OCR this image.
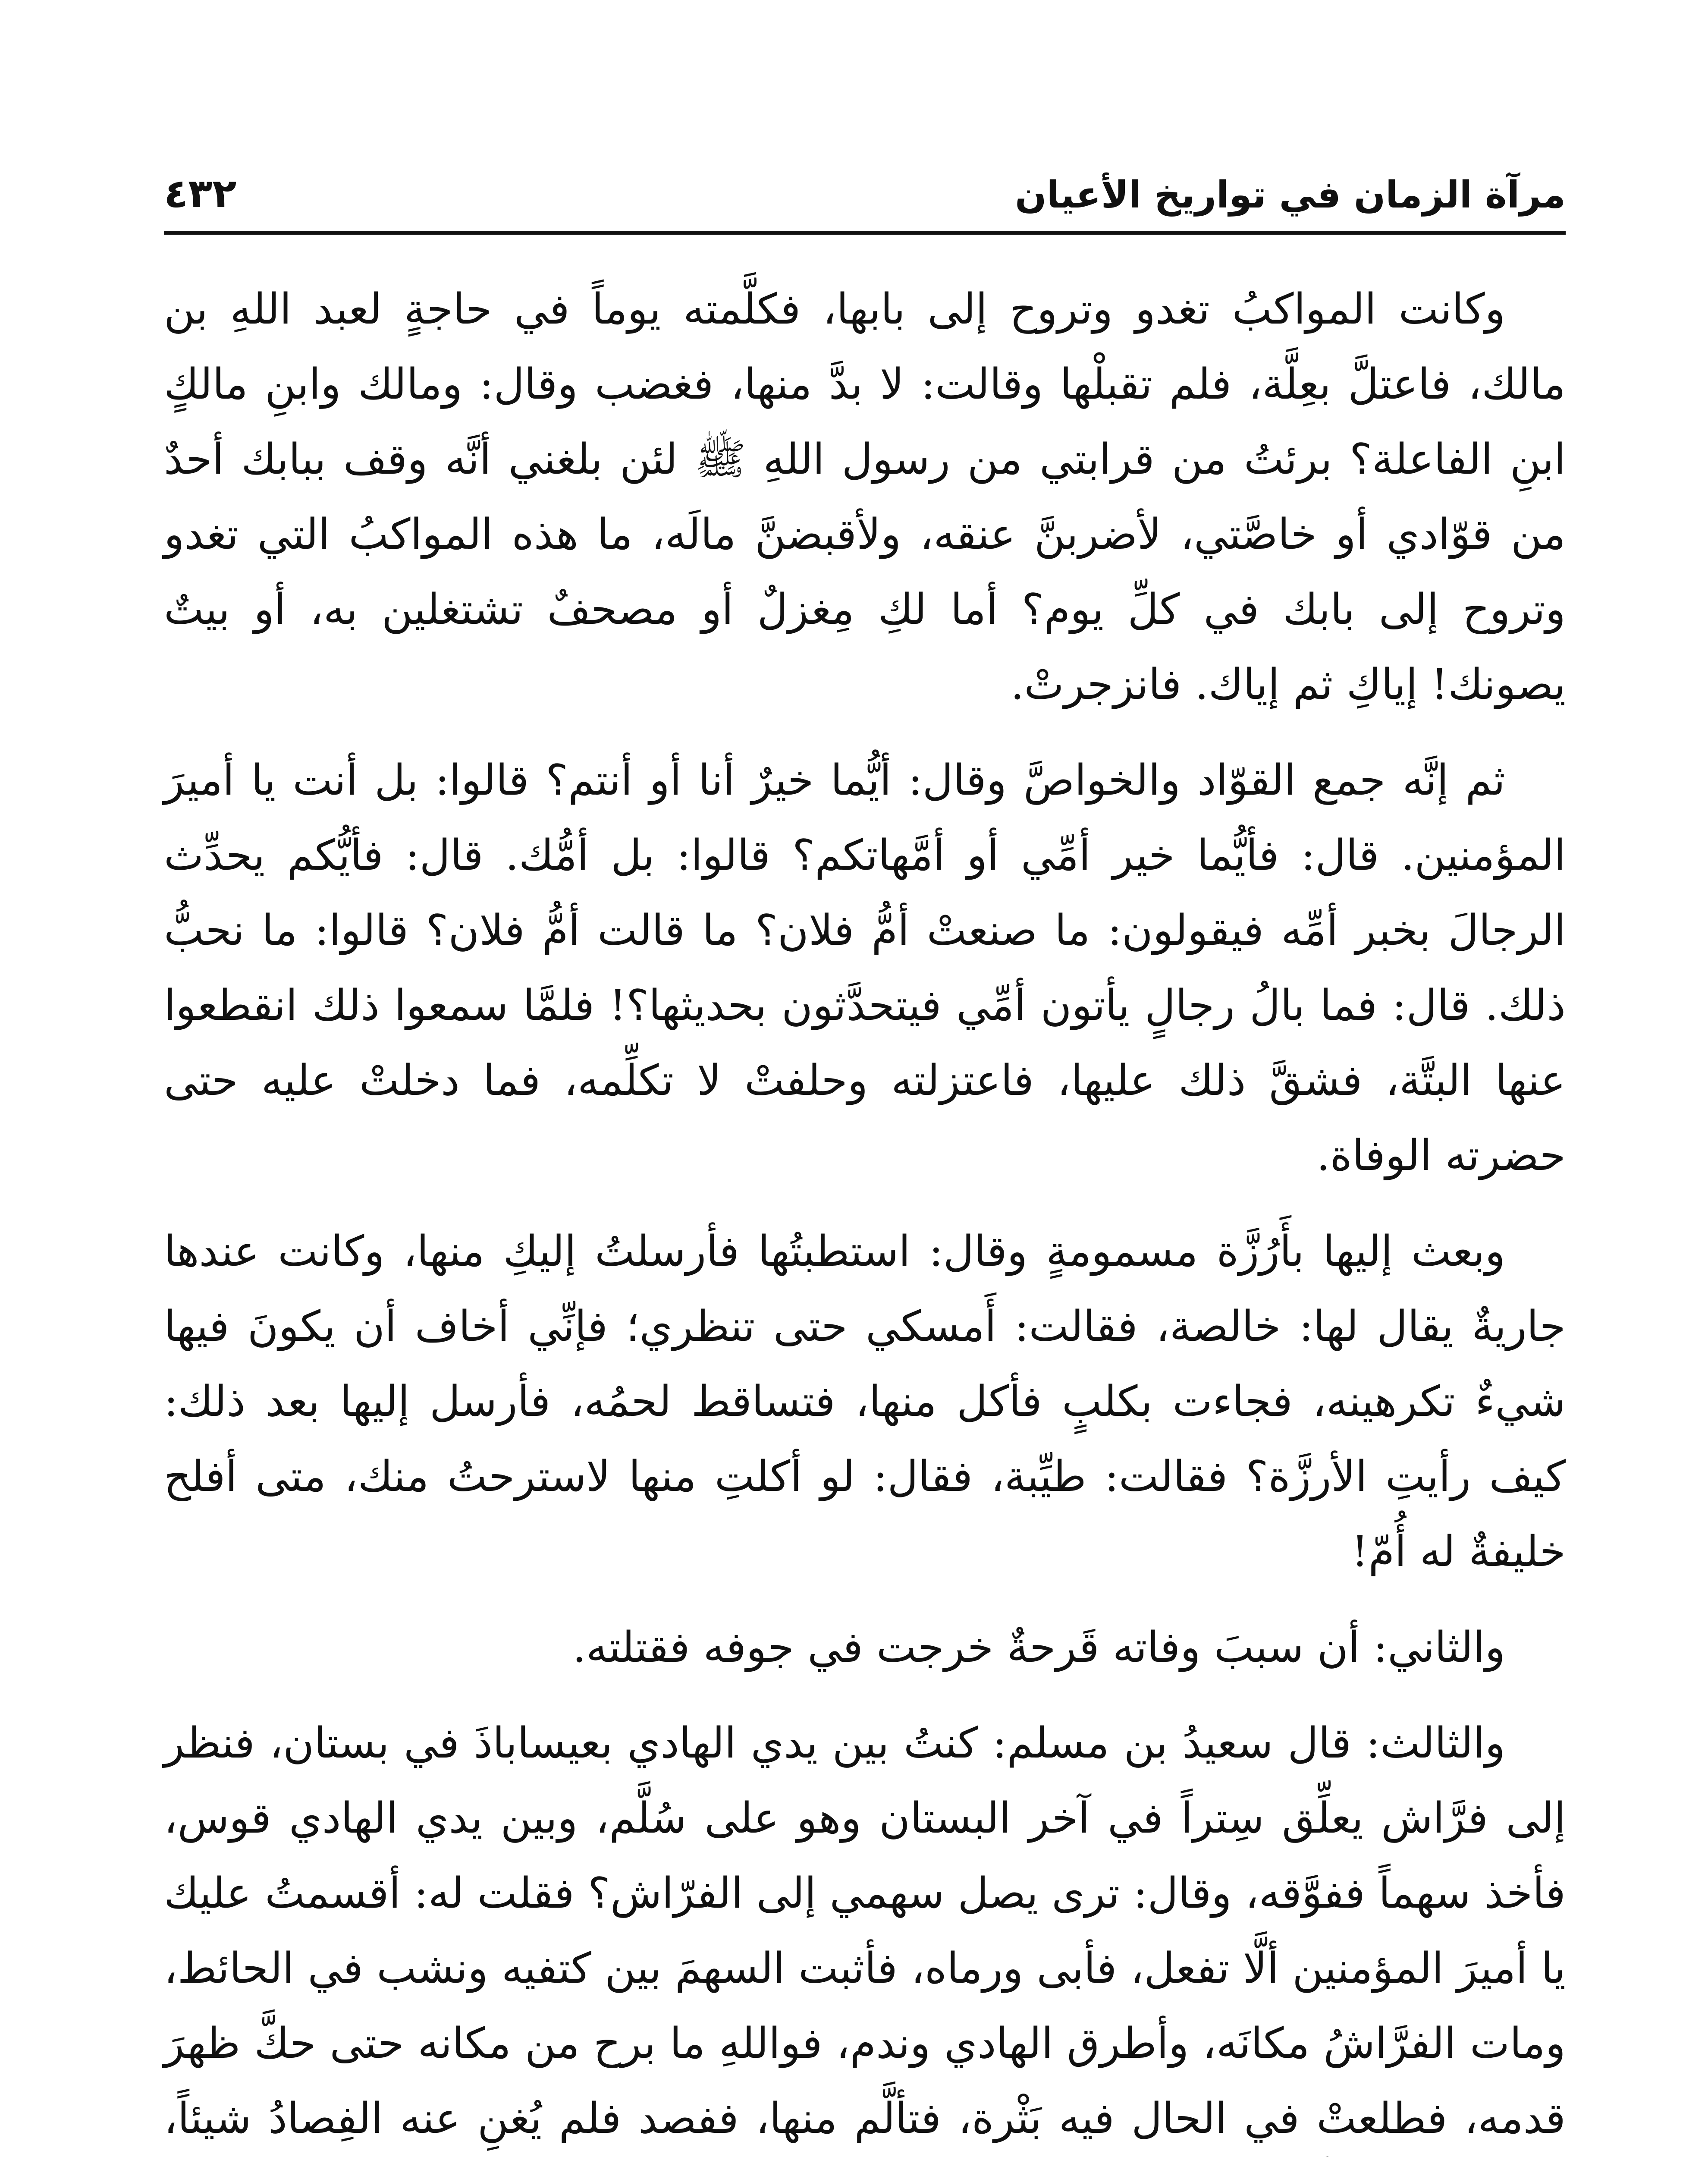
مرآة الزمان في تواريخ الأعيان
٤٣٢

وكانت المواكبُ تغدو وتروح إلى بابها، فكلَّمته يوماً في حاجةٍ لعبد اللهِ بن مالك، فاعتلَّ بعِلَّة، فلم تقبلْها وقالت: لا بدَّ منها، فغضب وقال: ومالك وابنِ مالكٍ ابنِ الفاعلة؟ برئتُ من قرابتي من رسول اللهِ ﷺ لئن بلغني أنَّه وقف ببابك أحدٌ من قوّادي أو خاصَّتي، لأضربنَّ عنقه، ولأقبضنَّ مالَه، ما هذه المواكبُ التي تغدو وتروح إلى بابك في كلِّ يوم؟ أما لكِ مِغزلٌ أو مصحفٌ تشتغلين به، أو بيتٌ يصونك! إياكِ ثم إياك. فانزجرتْ.

ثم إنَّه جمع القوّاد والخواصَّ وقال: أيُّما خيرٌ أنا أو أنتم؟ قالوا: بل أنت يا أميرَ المؤمنين. قال: فأيُّما خير أمِّي أو أمَّهاتكم؟ قالوا: بل أمُّك. قال: فأيُّكم يحدِّث الرجالَ بخبر أمِّه فيقولون: ما صنعتْ أمُّ فلان؟ ما قالت أمُّ فلان؟ قالوا: ما نحبُّ ذلك. قال: فما بالُ رجالٍ يأتون أمِّي فيتحدَّثون بحديثها؟! فلمَّا سمعوا ذلك انقطعوا عنها البتَّة، فشقَّ ذلك عليها، فاعتزلته وحلفتْ لا تكلِّمه، فما دخلتْ عليه حتى حضرته الوفاة.

وبعث إليها بأَرُزَّة مسمومةٍ وقال: استطبتُها فأرسلتُ إليكِ منها، وكانت عندها جاريةٌ يقال لها: خالصة، فقالت: أَمسكي حتى تنظري؛ فإنِّي أخاف أن يكونَ فيها شيءٌ تكرهينه، فجاءت بكلبٍ فأكل منها، فتساقط لحمُه، فأرسل إليها بعد ذلك: كيف رأيتِ الأرزَّة؟ فقالت: طيِّبة، فقال: لو أكلتِ منها لاسترحتُ منك، متى أفلح خليفةٌ له أُمّ!

والثاني: أن سببَ وفاته قَرحةٌ خرجت في جوفه فقتلته.

والثالث: قال سعيدُ بن مسلم: كنتُ بين يدي الهادي بعيساباذَ في بستان، فنظر إلى فرَّاش يعلِّق سِتراً في آخر البستان وهو على سُلَّم، وبين يدي الهادي قوس، فأخذ سهماً ففوَّقه، وقال: ترى يصل سهمي إلى الفرّاش؟ فقلت له: أقسمتُ عليك يا أميرَ المؤمنين ألَّا تفعل، فأبى ورماه، فأثبت السهمَ بين كتفيه ونشب في الحائط، ومات الفرَّاشُ مكانَه، وأطرق الهادي وندم، فواللهِ ما برح من مكانه حتى حكَّ ظهرَ قدمه، فطلعتْ في الحال فيه بَثْرة، فتألَّم منها، ففصد فلم يُغنِ عنه الفِصادُ شيئاً،
